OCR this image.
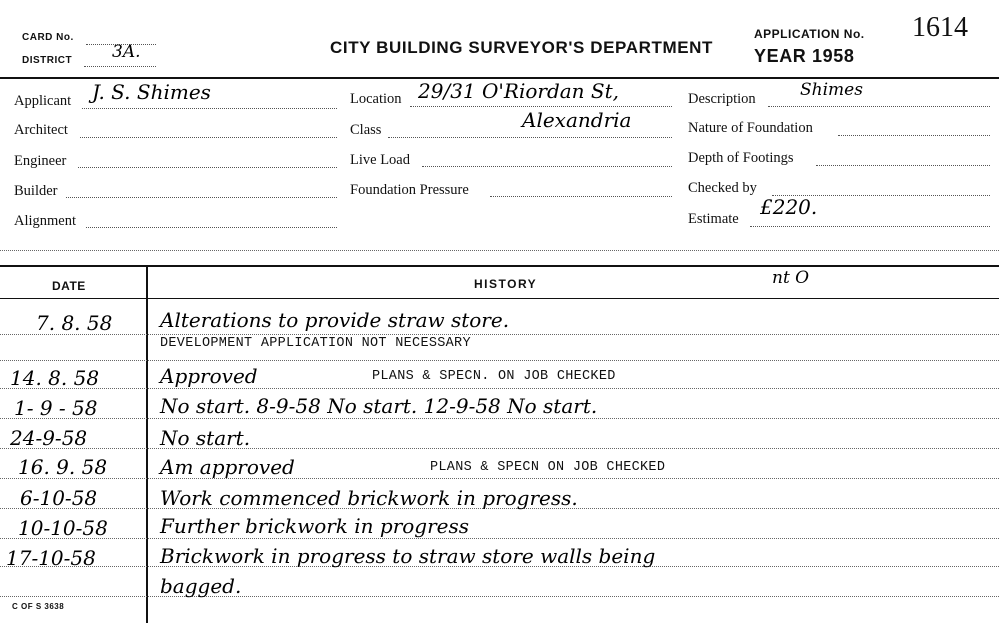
CARD No.
DISTRICT 3A.	CITY BUILDING SURVEYOR'S DEPARTMENT
APPLICATION No. 1614
YEAR 1958
Applicant J. S. Shimes
Architect
Engineer
Builder
Alignment
Location 29/31 O'Riordan St,
Class	Alexandria
Live Load
Foundation Pressure
Description	Shimes
Nature of Foundation
Depth of Footings
Checked by
Estimate £220.
DATE	HISTORY	nt O
7. 8. 58 Alterations to provide straw store.
DEVELOPMENT APPLICATION NOT NECESSARY
14. 8. 58	Approved	PLANS & SPECN. ON JOB CHECKED
1- 9 - 58	No start. 8-9-58 No start. 12-9-58 No start.
24-9-58	No start.
16. 9. 58	Am approved	PLANS & SPECN ON JOB CHECKED
6-10-58	Work commenced brickwork in progress.
10-10-58	Further brickwork in progress
17-10-58	Brickwork in progress to straw store walls being
bagged.
C OF S 3638
